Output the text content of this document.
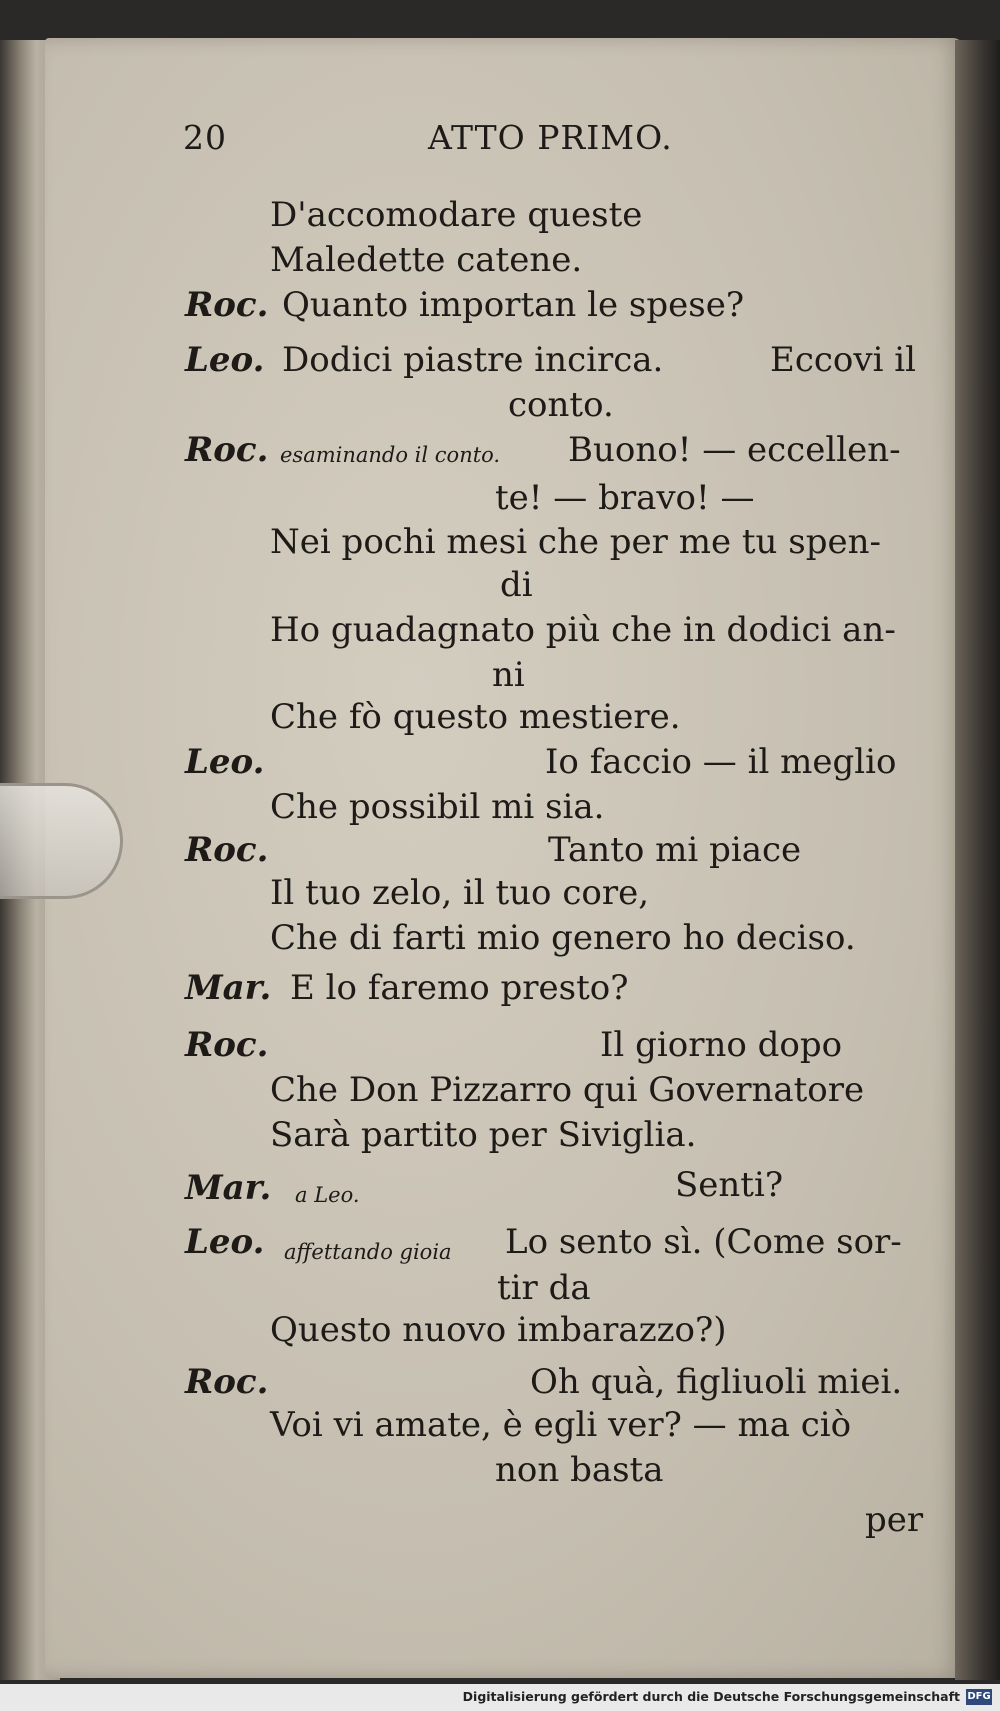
20	ATTO PRIMO.
D'accomodare queste
Maledette catene.
Roc. Quanto importan le spese?
Leo. Dodici piastre incirca.	Eccovi il
conto.
Roc. esaminando il conto. Buono! — eccellen-
te! — bravo! —
Nei pochi mesi che per me tu spen-
di
Ho guadagnato più che in dodici an-
ni
Che fò questo mestiere.
Leo.	Io faccio — il meglio
Che possibil mi sia.
Roc.	Tanto mi piace
Il tuo zelo, il tuo core,
Che di farti mio genero ho deciso.
Mar. E lo faremo presto?
Roc.	Il giorno dopo
Che Don Pizzarro qui Governatore
Sarà partito per Siviglia.
Mar. a Leo.	Senti?
Leo. affettando gioia Lo sento sì. (Come sor-
tir da
Questo nuovo imbarazzo?)
Roc.	Oh quà, figliuoli miei.
Voi vi amate, è egli ver? — ma ciò
non basta
per
Digitalisierung gefördert durch die Deutsche Forschungsgemeinschaft DFG
